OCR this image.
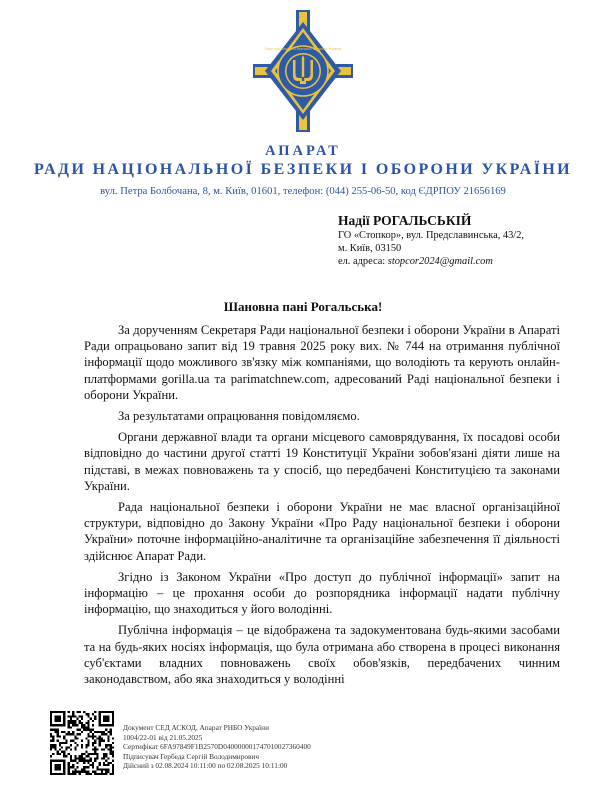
Рада національної безпеки і оборони України
АПАРАТ
РАДИ НАЦІОНАЛЬНОЇ БЕЗПЕКИ І ОБОРОНИ УКРАЇНИ
вул. Петра Болбочана, 8, м. Київ, 01601, телефон: (044) 255-06-50, код ЄДРПОУ 21656169
Надії РОГАЛЬСЬКІЙ
ГО «Стопкор», вул. Предславинська, 43/2,
м. Київ, 03150
ел. адреса: stopcor2024@gmail.com
Шановна пані Рогальська!

За дорученням Секретаря Ради національної безпеки і оборони України в Апараті Ради опрацьовано запит від 19 травня 2025 року вих. № 744 на отримання публічної інформації щодо можливого зв'язку між компаніями, що володіють та керують онлайн-платформами gorilla.ua та parimatchnew.com, адресований Раді національної безпеки і оборони України.

За результатами опрацювання повідомляємо.

Органи державної влади та органи місцевого самоврядування, їх посадові особи відповідно до частини другої статті 19 Конституції України зобов'язані діяти лише на підставі, в межах повноважень та у спосіб, що передбачені Конституцією та законами України.

Рада національної безпеки і оборони України не має власної організаційної структури, відповідно до Закону України «Про Раду національної безпеки і оборони України» поточне інформаційно-аналітичне та організаційне забезпечення її діяльності здійснює Апарат Ради.

Згідно із Законом України «Про доступ до публічної інформації» запит на інформацію – це прохання особи до розпорядника інформації надати публічну інформацію, що знаходиться у його володінні.

Публічна інформація – це відображена та задокументована будь-якими засобами та на будь-яких носіях інформація, що була отримана або створена в процесі виконання суб'єктами владних повноважень своїх обов'язків, передбачених чинним законодавством, або яка знаходиться у володінні

Документ СЕД АСКОД, Апарат РНБО України
1004/22-01 від 21.05.2025
Сертифікат 6FA97849F1B2570D040000001747010027360400
Підписувач Гербеда Сергій Володимирович
Дійсний з 02.08.2024 10:11:00 по 02.08.2025 10:11:00
